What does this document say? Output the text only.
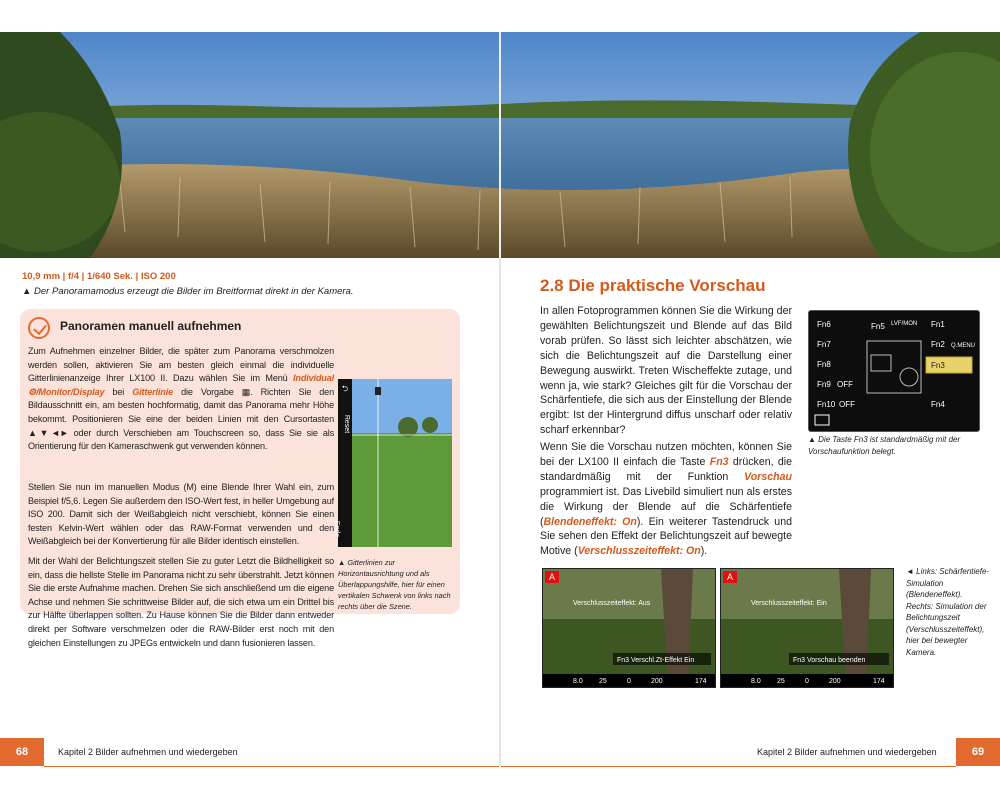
10,9 mm | f/4 | 1/640 Sek. | ISO 200
▲ Der Panoramamodus erzeugt die Bilder im Breitformat direkt in der Kamera.
Panoramen manuell aufnehmen
Zum Aufnehmen einzelner Bilder, die später zum Panorama verschmolzen werden sollen, aktivieren Sie am besten gleich einmal die individuelle Gitterlinienanzeige Ihrer LX100 II. Dazu wählen Sie im Menü Individual ⚙/Monitor/Display bei Gitterlinie die Vorgabe ▦. Richten Sie den Bildausschnitt ein, am besten hochformatig, damit das Panorama mehr Höhe bekommt. Positionieren Sie eine der beiden Linien mit den Cursortasten ▲▼◄► oder durch Verschieben am Touchscreen so, dass Sie sie als Orientierung für den Kameraschwenk gut verwenden können.
Stellen Sie nun im manuellen Modus (M) eine Blende Ihrer Wahl ein, zum Beispiel f/5,6. Legen Sie außerdem den ISO-Wert fest, in heller Umgebung auf ISO 200. Damit sich der Weißabgleich nicht verschiebt, können Sie einen festen Kelvin-Wert wählen oder das RAW-Format verwenden und den Weißabgleich bei der Konvertierung für alle Bilder identisch einstellen.
Mit der Wahl der Belichtungszeit stellen Sie zu guter Letzt die Bildhelligkeit so ein, dass die hellste Stelle im Panorama nicht zu sehr überstrahlt. Jetzt können Sie die erste Aufnahme machen. Drehen Sie sich anschließend um die eigene Achse und nehmen Sie schrittweise Bilder auf, die sich etwa um ein Drittel bis zur Hälfte überlappen sollten. Zu Hause können Sie die Bilder dann entweder direkt per Software verschmelzen oder die RAW-Bilder erst noch mit den gleichen Einstellungen zu JPEGs entwickeln und dann fusionieren lassen.
⮌
Reset
Ende
▲ Gitterlinien zur Horizontausrichtung und als Überlappungshilfe, hier für einen vertikalen Schwenk von links nach rechts über die Szene.
2.8 Die praktische Vorschau
In allen Fotoprogrammen können Sie die Wirkung der gewählten Belichtungszeit und Blende auf das Bild vorab prüfen. So lässt sich leichter abschätzen, wie sich die Belichtungszeit auf die Darstellung einer Bewegung auswirkt. Treten Wischeffekte zutage, und wenn ja, wie stark? Gleiches gilt für die Vorschau der Schärfentiefe, die sich aus der Einstellung der Blende ergibt: Ist der Hintergrund diffus unscharf oder relativ scharf erkennbar?
Wenn Sie die Vorschau nutzen möchten, können Sie bei der LX100 II einfach die Taste Fn3 drücken, die standardmäßig mit der Funktion Vorschau programmiert ist. Das Livebild simuliert nun als erstes die Wirkung der Blende auf die Schärfentiefe (Blendeneffekt: On). Ein weiterer Tastendruck und Sie sehen den Effekt der Belichtungszeit auf bewegte Motive (Verschlusszeiteffekt: On).
Fn6	Fn5 LVF/MON Fn1
Fn7	Fn2 Q.MENU
Fn8
Fn9 OFF
Fn10 OFF	Fn4
Fn3
▲ Die Taste Fn3 ist standardmäßig mit der Vorschaufunktion belegt.
A
Verschlusszeiteffekt: Aus
Fn3 Verschl.Zt-Effekt Ein
8.0 25	0	200	174
A
Verschlusszeiteffekt: Ein
Fn3 Vorschau beenden
8.0 25	0	200	174
◄ Links: Schärfentiefe-Simulation (Blendeneffekt). Rechts: Simulation der Belichtungszeit (Verschlusszeiteffekt), hier bei bewegter Kamera.
68	Kapitel 2 Bilder aufnehmen und wiedergeben	Kapitel 2 Bilder aufnehmen und wiedergeben	69
